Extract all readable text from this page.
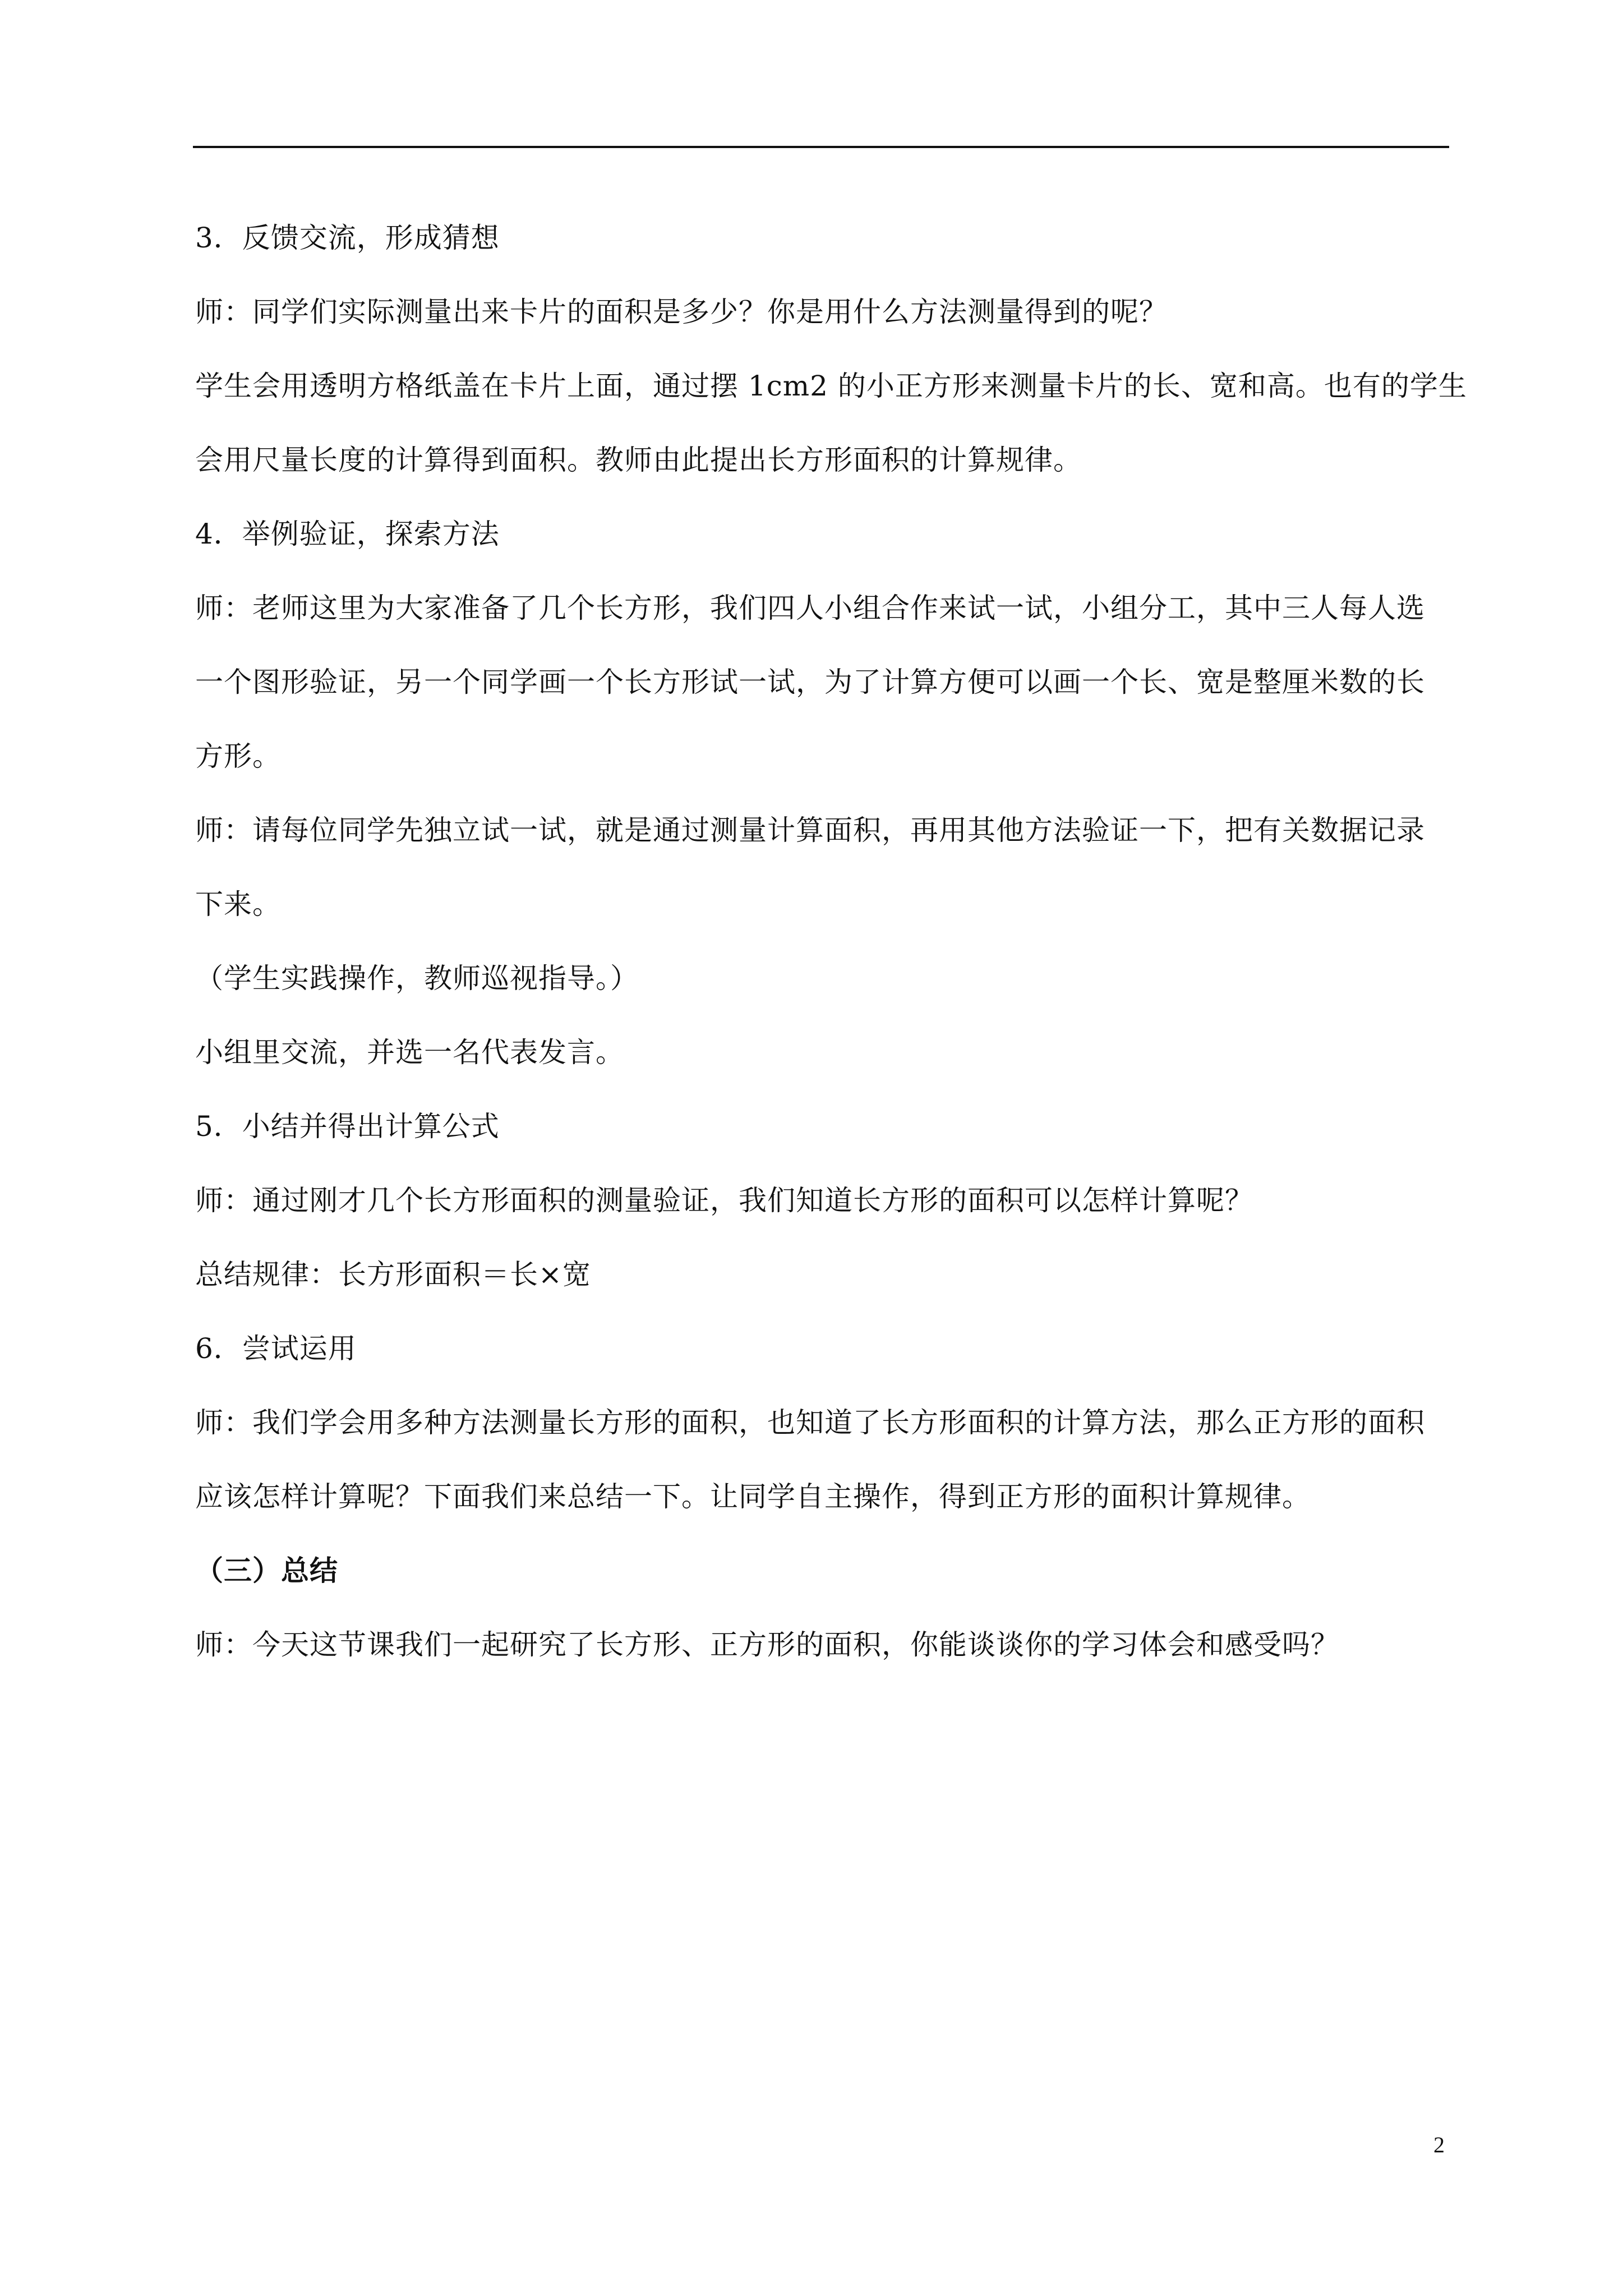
3．反馈交流，形成猜想
师：同学们实际测量出来卡片的面积是多少？你是用什么方法测量得到的呢？
学生会用透明方格纸盖在卡片上面，通过摆 1cm2 的小正方形来测量卡片的长、宽和高。也有的学生
会用尺量长度的计算得到面积。教师由此提出长方形面积的计算规律。
4．举例验证，探索方法
师：老师这里为大家准备了几个长方形，我们四人小组合作来试一试，小组分工，其中三人每人选
一个图形验证，另一个同学画一个长方形试一试，为了计算方便可以画一个长、宽是整厘米数的长
方形。
师：请每位同学先独立试一试，就是通过测量计算面积，再用其他方法验证一下，把有关数据记录
下来。
（学生实践操作，教师巡视指导。）
小组里交流，并选一名代表发言。
5．小结并得出计算公式
师：通过刚才几个长方形面积的测量验证，我们知道长方形的面积可以怎样计算呢？
总结规律：长方形面积＝长×宽
6．尝试运用
师：我们学会用多种方法测量长方形的面积，也知道了长方形面积的计算方法，那么正方形的面积
应该怎样计算呢？下面我们来总结一下。让同学自主操作，得到正方形的面积计算规律。
（三）总结
师：今天这节课我们一起研究了长方形、正方形的面积，你能谈谈你的学习体会和感受吗？
2
